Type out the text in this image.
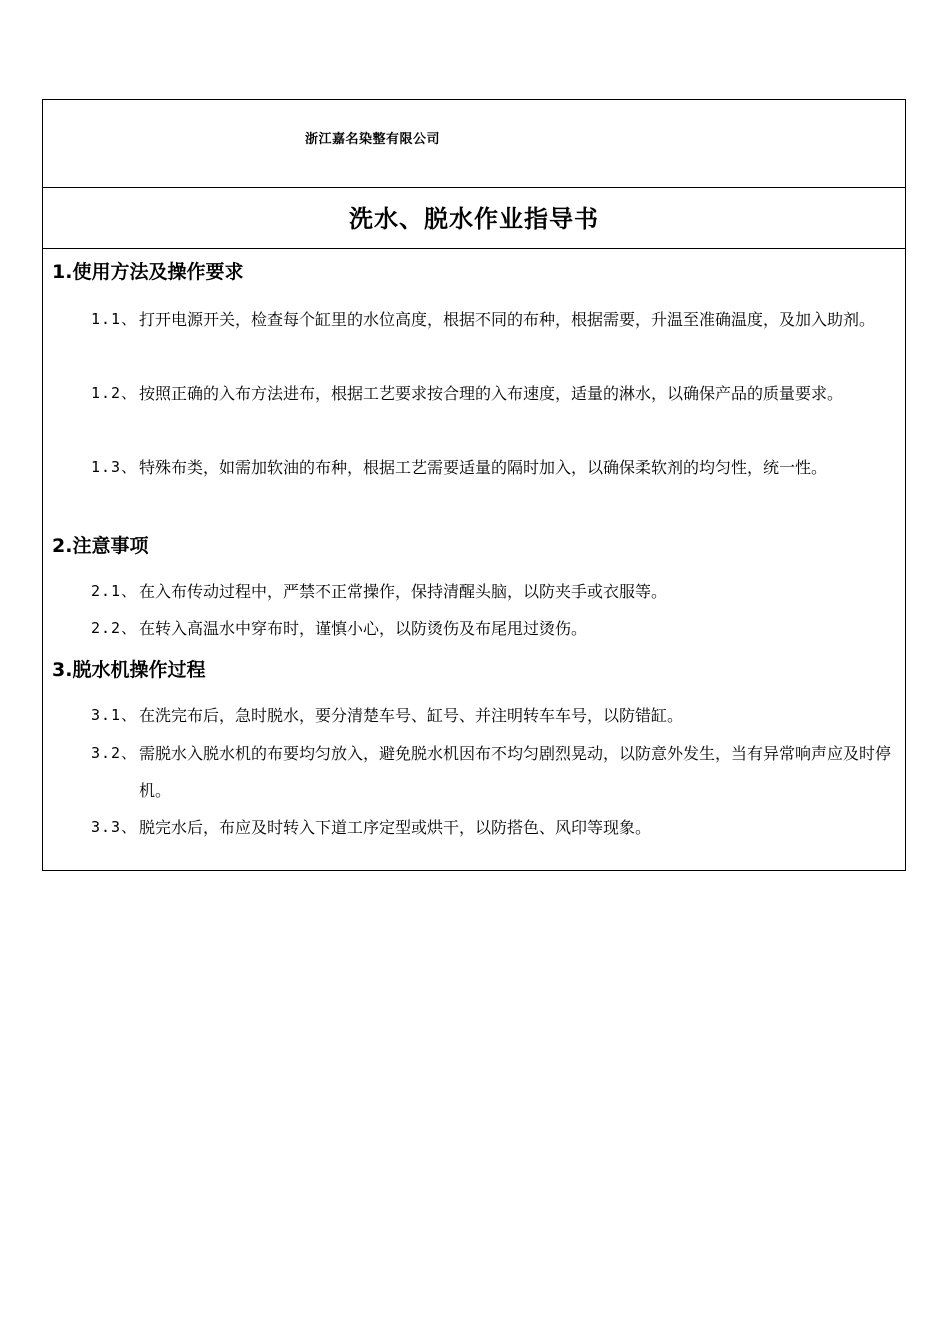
浙江嘉名染整有限公司
洗水、脱水作业指导书
1.使用方法及操作要求
1.1、 打开电源开关，检查每个缸里的水位高度，根据不同的布种，根据需要，升温至准确温度，及加入助剂。
1.2、 按照正确的入布方法进布，根据工艺要求按合理的入布速度，适量的淋水，以确保产品的质量要求。
1.3、 特殊布类，如需加软油的布种，根据工艺需要适量的隔时加入，以确保柔软剂的均匀性，统一性。
2.注意事项
2.1、 在入布传动过程中，严禁不正常操作，保持清醒头脑，以防夹手或衣服等。
2.2、 在转入高温水中穿布时，谨慎小心，以防烫伤及布尾甩过烫伤。
3.脱水机操作过程
3.1、 在洗完布后，急时脱水，要分清楚车号、缸号、并注明转车车号，以防错缸。
3.2、 需脱水入脱水机的布要均匀放入，避免脱水机因布不均匀剧烈晃动，以防意外发生，当有异常响声应及时停机。
3.3、 脱完水后，布应及时转入下道工序定型或烘干，以防搭色、风印等现象。
